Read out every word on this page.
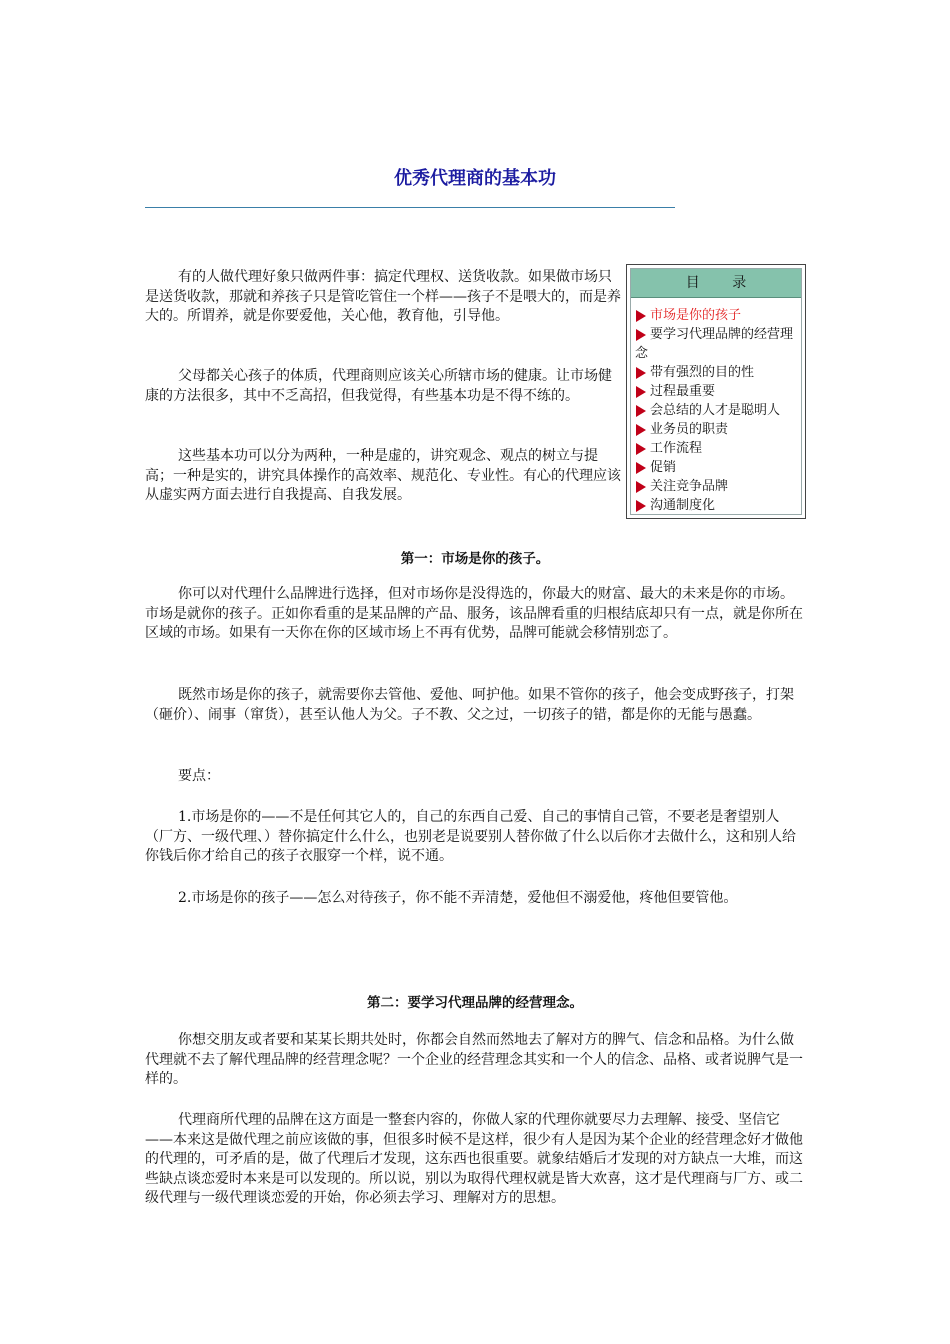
优秀代理商的基本功

有的人做代理好象只做两件事：搞定代理权、送货收款。如果做市场只是送货收款，那就和养孩子只是管吃管住一个样——孩子不是喂大的，而是养大的。所谓养，就是你要爱他，关心他，教育他，引导他。

父母都关心孩子的体质，代理商则应该关心所辖市场的健康。让市场健康的方法很多，其中不乏高招，但我觉得，有些基本功是不得不练的。

这些基本功可以分为两种，一种是虚的，讲究观念、观点的树立与提高；一种是实的，讲究具体操作的高效率、规范化、专业性。有心的代理应该从虚实两方面去进行自我提高、自我发展。

目 录
市场是你的孩子
要学习代理品牌的经营理念
带有强烈的目的性
过程最重要
会总结的人才是聪明人
业务员的职责
工作流程
促销
关注竞争品牌
沟通制度化
第一：市场是你的孩子。

你可以对代理什么品牌进行选择，但对市场你是没得选的，你最大的财富、最大的未来是你的市场。市场是就你的孩子。正如你看重的是某品牌的产品、服务，该品牌看重的归根结底却只有一点，就是你所在区域的市场。如果有一天你在你的区域市场上不再有优势，品牌可能就会移情别恋了。

既然市场是你的孩子，就需要你去管他、爱他、呵护他。如果不管你的孩子，他会变成野孩子，打架（砸价）、闹事（窜货），甚至认他人为父。子不教、父之过，一切孩子的错，都是你的无能与愚蠢。

要点：

1.市场是你的——不是任何其它人的，自己的东西自己爱、自己的事情自己管，不要老是奢望别人（厂方、一级代理、）替你搞定什么什么，也别老是说要别人替你做了什么以后你才去做什么，这和别人给你钱后你才给自己的孩子衣服穿一个样，说不通。

2.市场是你的孩子——怎么对待孩子，你不能不弄清楚，爱他但不溺爱他，疼他但要管他。

第二：要学习代理品牌的经营理念。

你想交朋友或者要和某某长期共处时，你都会自然而然地去了解对方的脾气、信念和品格。为什么做代理就不去了解代理品牌的经营理念呢？一个企业的经营理念其实和一个人的信念、品格、或者说脾气是一样的。

代理商所代理的品牌在这方面是一整套内容的，你做人家的代理你就要尽力去理解、接受、坚信它——本来这是做代理之前应该做的事，但很多时候不是这样，很少有人是因为某个企业的经营理念好才做他的代理的，可矛盾的是，做了代理后才发现，这东西也很重要。就象结婚后才发现的对方缺点一大堆，而这些缺点谈恋爱时本来是可以发现的。所以说，别以为取得代理权就是皆大欢喜，这才是代理商与厂方、或二级代理与一级代理谈恋爱的开始，你必须去学习、理解对方的思想。
